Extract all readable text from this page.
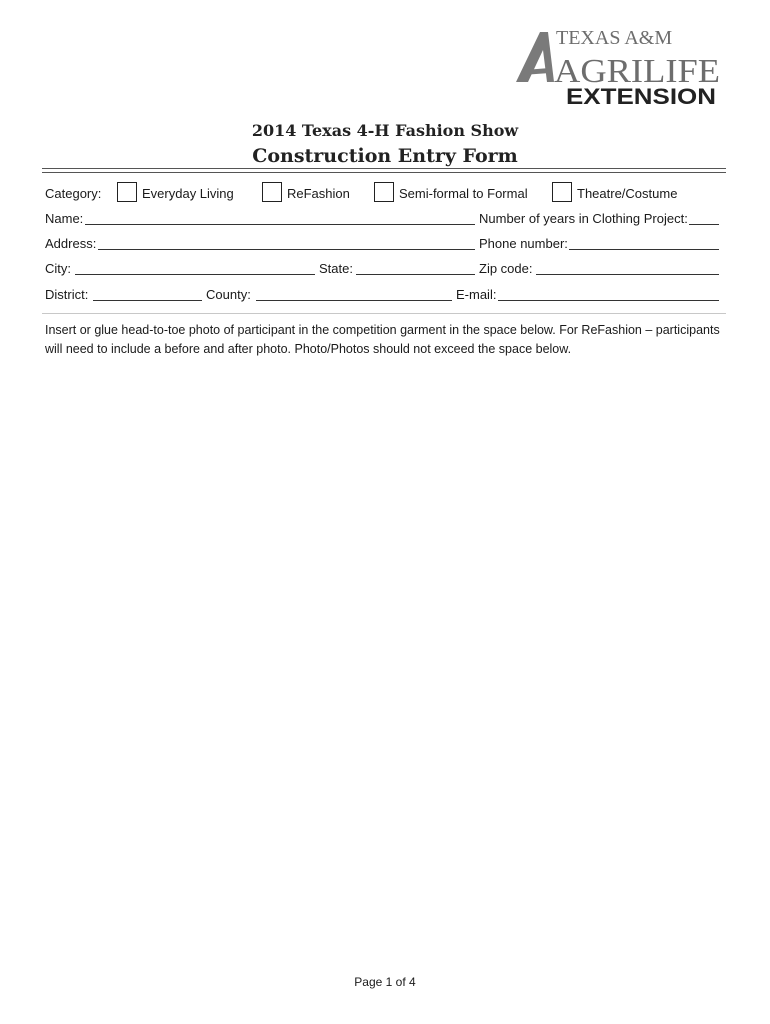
TEXAS A&M
AGRILIFE
EXTENSION
2014 Texas 4-H Fashion Show
Construction Entry Form
Category:	Everyday Living	ReFashion	Semi-formal to Formal	Theatre/Costume
Name:	Number of years in Clothing Project:
Address:	Phone number:
City:	State:	Zip code:
District:	County:	E-mail:
Insert or glue head-to-toe photo of participant in the competition garment in the space below. For ReFashion – participants will need to include a before and after photo. Photo/Photos should not exceed the space below.
Page 1 of 4
